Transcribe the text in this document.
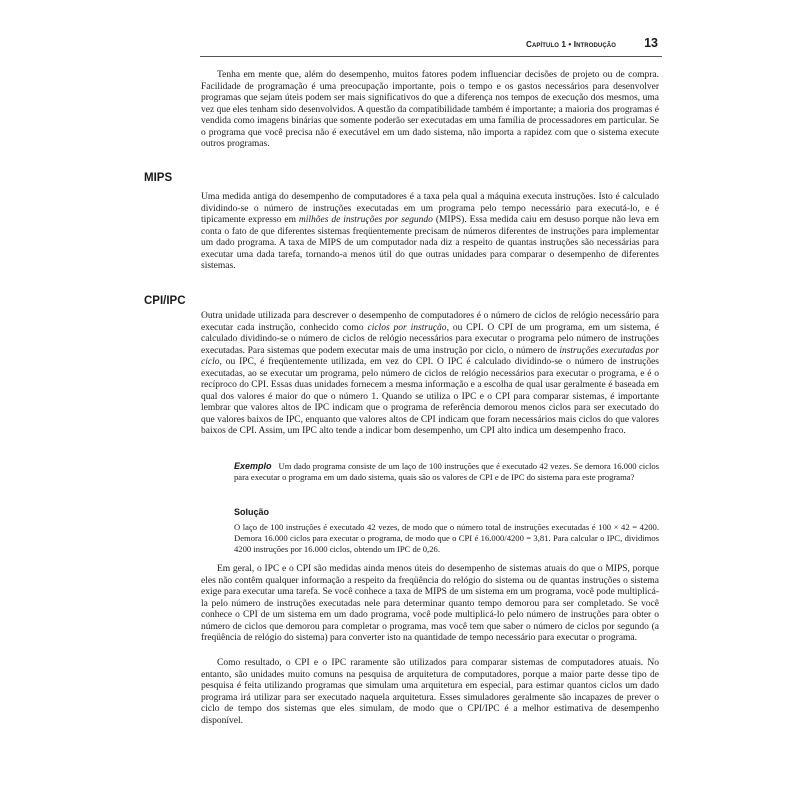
Capítulo 1 • Introdução 13

Tenha em mente que, além do desempenho, muitos fatores podem influenciar decisões de projeto ou de compra. Facilidade de programação é uma preocupação importante, pois o tempo e os gastos necessários para desenvolver programas que sejam úteis podem ser mais significativos do que a diferença nos tempos de execução dos mesmos, uma vez que eles tenham sido desenvolvidos. A questão da compatibilidade também é importante; a maioria dos programas é vendida como imagens binárias que somente poderão ser executadas em uma família de processadores em particular. Se o programa que você precisa não é executável em um dado sistema, não importa a rapidez com que o sistema execute outros programas.

MIPS

Uma medida antiga do desempenho de computadores é a taxa pela qual a máquina executa instruções. Isto é calculado dividindo-se o número de instruções executadas em um programa pelo tempo necessário para executá-lo, e é tipicamente expresso em milhões de instruções por segundo (MIPS). Essa medida caiu em desuso porque não leva em conta o fato de que diferentes sistemas freqüentemente precisam de números diferentes de instruções para implementar um dado programa. A taxa de MIPS de um computador nada diz a respeito de quantas instruções são necessárias para executar uma dada tarefa, tornando-a menos útil do que outras unidades para comparar o desempenho de diferentes sistemas.

CPI/IPC

Outra unidade utilizada para descrever o desempenho de computadores é o número de ciclos de relógio necessário para executar cada instrução, conhecido como ciclos por instrução, ou CPI. O CPI de um programa, em um sistema, é calculado dividindo-se o número de ciclos de relógio necessários para executar o programa pelo número de instruções executadas. Para sistemas que podem executar mais de uma instrução por ciclo, o número de instruções executadas por ciclo, ou IPC, é freqüentemente utilizada, em vez do CPI. O IPC é calculado dividindo-se o número de instruções executadas, ao se executar um programa, pelo número de ciclos de relógio necessários para executar o programa, e é o recíproco do CPI. Essas duas unidades fornecem a mesma informação e a escolha de qual usar geralmente é baseada em qual dos valores é maior do que o número 1. Quando se utiliza o IPC e o CPI para comparar sistemas, é importante lembrar que valores altos de IPC indicam que o programa de referência demorou menos ciclos para ser executado do que valores baixos de IPC, enquanto que valores altos de CPI indicam que foram necessários mais ciclos do que valores baixos de CPI. Assim, um IPC alto tende a indicar bom desempenho, um CPI alto indica um desempenho fraco.

Exemplo Um dado programa consiste de um laço de 100 instruções que é executado 42 vezes. Se demora 16.000 ciclos para executar o programa em um dado sistema, quais são os valores de CPI e de IPC do sistema para este programa?

Solução

O laço de 100 instruções é executado 42 vezes, de modo que o número total de instruções executadas é 100 × 42 = 4200. Demora 16.000 ciclos para executar o programa, de modo que o CPI é 16.000/4200 = 3,81. Para calcular o IPC, dividimos 4200 instruções por 16.000 ciclos, obtendo um IPC de 0,26.

Em geral, o IPC e o CPI são medidas ainda menos úteis do desempenho de sistemas atuais do que o MIPS, porque eles não contêm qualquer informação a respeito da freqüência do relógio do sistema ou de quantas instruções o sistema exige para executar uma tarefa. Se você conhece a taxa de MIPS de um sistema em um programa, você pode multiplicá-la pelo número de instruções executadas nele para determinar quanto tempo demorou para ser completado. Se você conhece o CPI de um sistema em um dado programa, você pode multiplicá-lo pelo número de instruções para obter o número de ciclos que demorou para completar o programa, mas você tem que saber o número de ciclos por segundo (a freqüência de relógio do sistema) para converter isto na quantidade de tempo necessário para executar o programa.

Como resultado, o CPI e o IPC raramente são utilizados para comparar sistemas de computadores atuais. No entanto, são unidades muito comuns na pesquisa de arquitetura de computadores, porque a maior parte desse tipo de pesquisa é feita utilizando programas que simulam uma arquitetura em especial, para estimar quantos ciclos um dado programa irá utilizar para ser executado naquela arquitetura. Esses simuladores geralmente são incapazes de prever o ciclo de tempo dos sistemas que eles simulam, de modo que o CPI/IPC é a melhor estimativa de desempenho disponível.
